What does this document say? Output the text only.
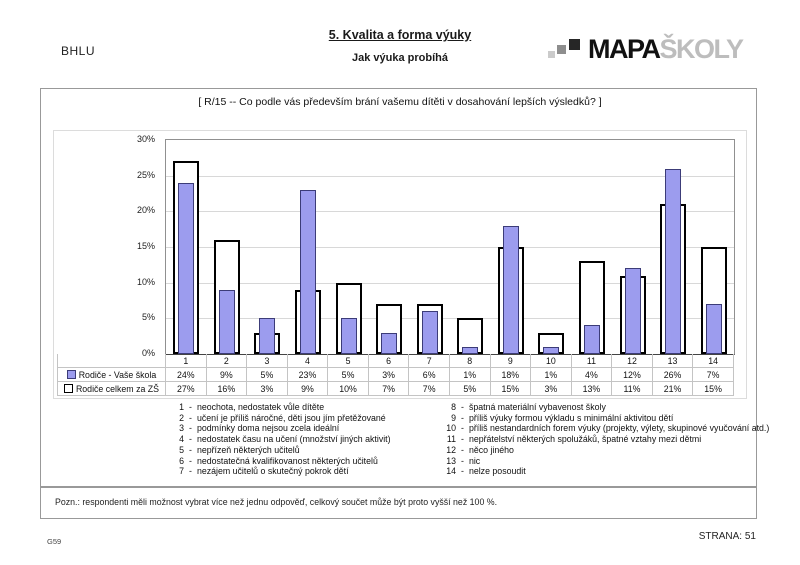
BHLU
5. Kvalita a forma výuky
Jak výuka probíhá	MAPAŠKOLY
[ R/15 -- Co podle vás především brání vašemu dítěti v dosahování lepších výsledků? ]
0%
5%
10%
15%
20%
25%
30%
	1	2	3	4	5	6	7	8	9	10	11	12	13	14
Rodiče - Vaše škola	24%	9%	5%	23%	5%	3%	6%	1%	18%	1%	4%	12%	26%	7%
Rodiče celkem za ZŠ	27%	16%	3%	9%	10%	7%	7%	5%	15%	3%	13%	11%	21%	15%
1 - neochota, nedostatek vůle dítěte
2 - učení je příliš náročné, děti jsou jím přetěžované
3 - podmínky doma nejsou zcela ideální
4 - nedostatek času na učení (množství jiných aktivit)
5 - nepřízeň některých učitelů
6 - nedostatečná kvalifikovanost některých učitelů
7 - nezájem učitelů o skutečný pokrok dětí
8 - špatná materiální vybavenost školy
9 - příliš výuky formou výkladu s minimální aktivitou dětí
10 - příliš nestandardních forem výuky (projekty, výlety, skupinové vyučování atd.)
11 - nepřátelství některých spolužáků, špatné vztahy mezi dětmi
12 - něco jiného
13 - nic
14 - nelze posoudit
Pozn.: respondenti měli možnost vybrat více než jednu odpověď, celkový součet může být proto vyšší než 100 %.
G59	STRANA: 51
